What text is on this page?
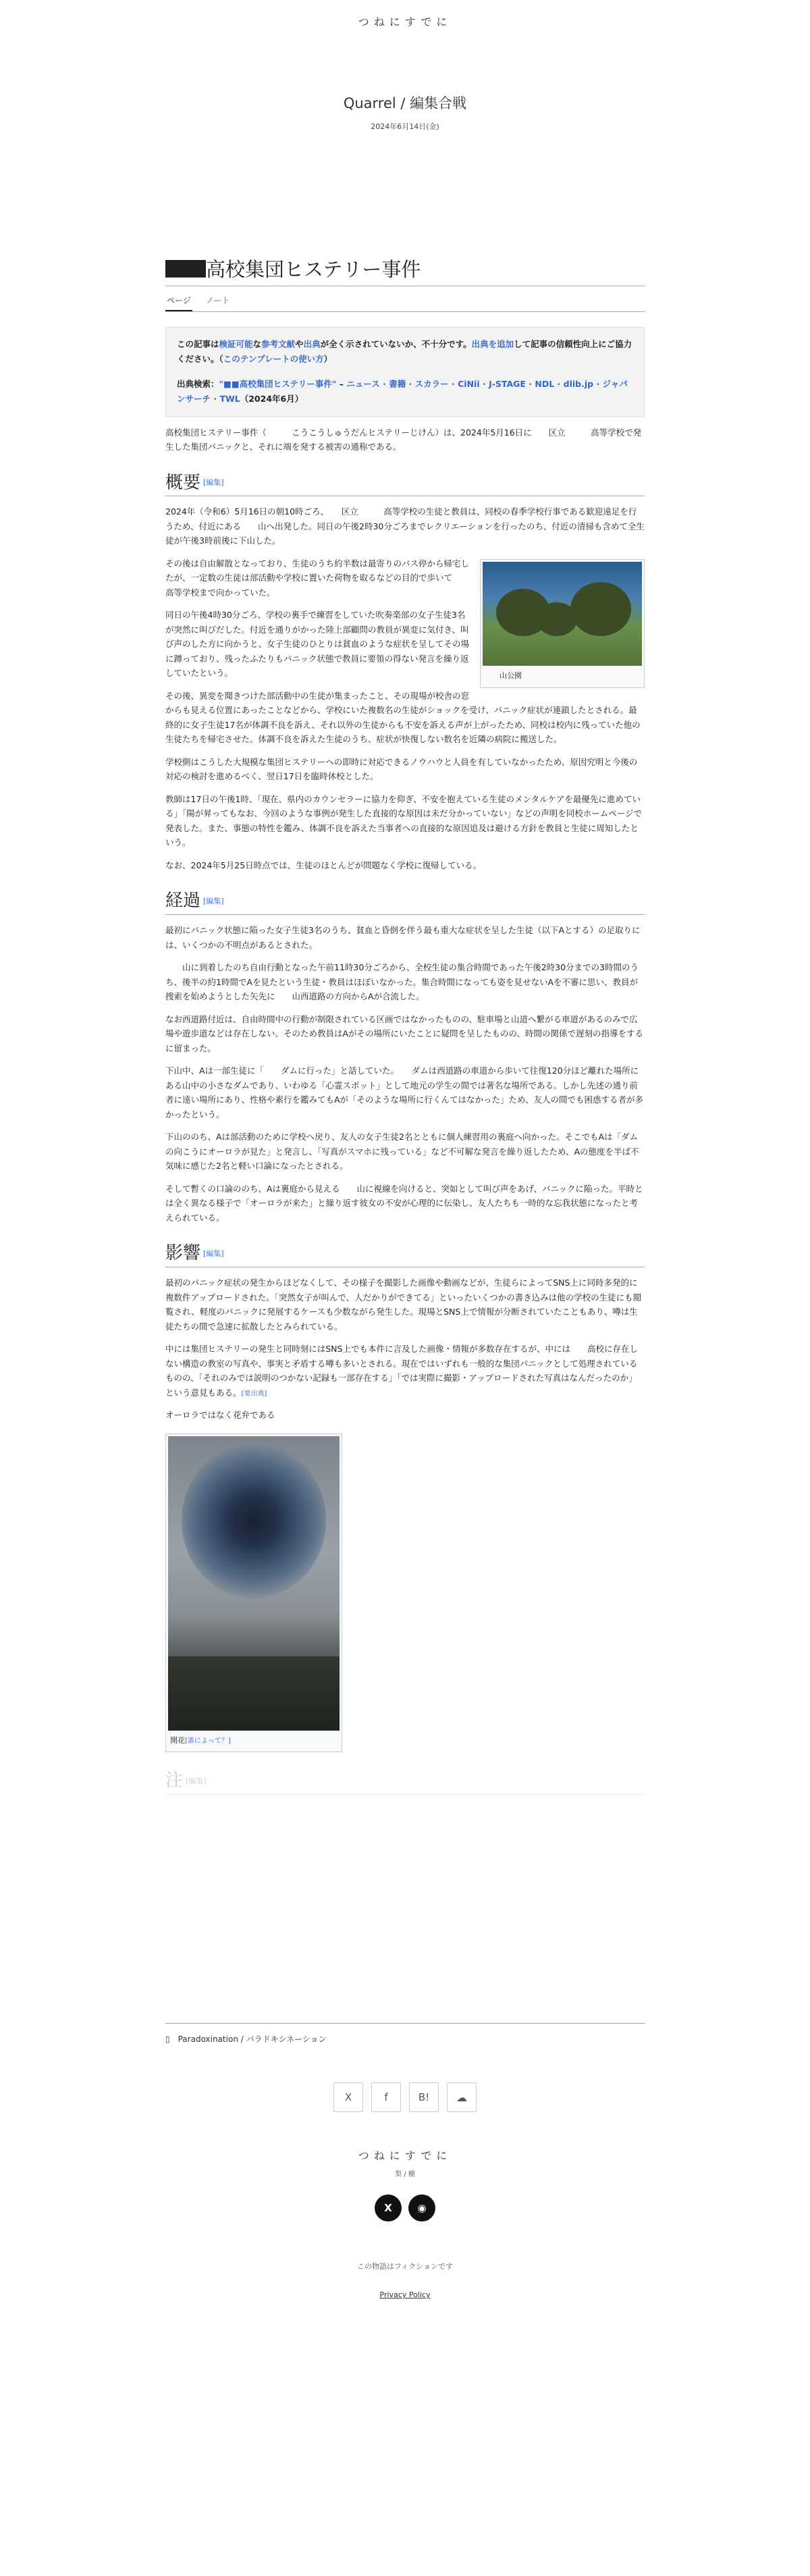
つねにすでに
Quarrel / 編集合戦
2024年6月14日(金)
高校集団ヒステリー事件
ページ ノート

この記事は検証可能な参考文献や出典が全く示されていないか、不十分です。出典を追加して記事の信頼性向上にご協力ください。（このテンプレートの使い方）

出典検索："■■高校集団ヒステリー事件" – ニュース · 書籍 · スカラー · CiNii · J-STAGE · NDL · dlib.jp · ジャパンサーチ · TWL（2024年6月）

高校集団ヒステリー事件（　　　こうこうしゅうだんヒステリーじけん）は、2024年5月16日に　　区立　　　高等学校で発生した集団パニックと、それに端を発する被害の通称である。

概要 [編集]

2024年（令和6）5月16日の朝10時ごろ、　　区立　　　高等学校の生徒と教員は、同校の春季学校行事である歓迎遠足を行うため、付近にある　　山へ出発した。同日の午後2時30分ごろまでレクリエーションを行ったのち、付近の清掃も含めて全生徒が午後3時前後に下山した。

　　山公園

その後は自由解散となっており、生徒のうち約半数は最寄りのバス停から帰宅したが、一定数の生徒は部活動や学校に置いた荷物を取るなどの目的で歩いて　　　高等学校まで向かっていた。

同日の午後4時30分ごろ、学校の裏手で練習をしていた吹奏楽部の女子生徒3名が突然に叫びだした。付近を通りがかった陸上部顧問の教員が異変に気付き、叫び声のした方に向かうと、女子生徒のひとりは貧血のような症状を呈してその場に蹲っており、残ったふたりもパニック状態で教員に要領の得ない発言を繰り返していたという。

その後、異変を聞きつけた部活動中の生徒が集まったこと、その現場が校舎の窓からも見える位置にあったことなどから、学校にいた複数名の生徒がショックを受け、パニック症状が連鎖したとされる。最終的に女子生徒17名が体調不良を訴え、それ以外の生徒からも不安を訴える声が上がったため、同校は校内に残っていた他の生徒たちを帰宅させた。体調不良を訴えた生徒のうち、症状が快復しない数名を近隣の病院に搬送した。

学校側はこうした大規模な集団ヒステリーへの即時に対応できるノウハウと人員を有していなかったため、原因究明と今後の対応の検討を進めるべく、翌日17日を臨時休校とした。

教師は17日の午後1時、「現在、県内のカウンセラーに協力を仰ぎ、不安を抱えている生徒のメンタルケアを最優先に進めている」「陽が昇ってもなお、今回のような事例が発生した直接的な原因は未だ分かっていない」などの声明を同校ホームページで発表した。また、事態の特性を鑑み、体調不良を訴えた当事者への直接的な原因追及は避ける方針を教員と生徒に周知したという。

なお、2024年5月25日時点では、生徒のほとんどが問題なく学校に復帰している。

経過 [編集]

最初にパニック状態に陥った女子生徒3名のうち、貧血と昏倒を伴う最も重大な症状を呈した生徒（以下Aとする）の足取りには、いくつかの不明点があるとされた。

　　山に到着したのち自由行動となった午前11時30分ごろから、全校生徒の集合時間であった午後2時30分までの3時間のうち、後半の約1時間でAを見たという生徒・教員はほぼいなかった。集合時間になっても姿を見せないAを不審に思い、教員が捜索を始めようとした矢先に　　山西道路の方向からAが合流した。

なお西道路付近は、自由時間中の行動が制限されている区画ではなかったものの、駐車場と山道へ繋がる車道があるのみで広場や遊歩道などは存在しない。そのため教員はAがその場所にいたことに疑問を呈したものの、時間の関係で遅刻の指導をするに留まった。

下山中、Aは一部生徒に「　　ダムに行った」と話していた。　　ダムは西道路の車道から歩いて往復120分ほど離れた場所にある山中の小さなダムであり、いわゆる「心霊スポット」として地元の学生の間では著名な場所である。しかし先述の通り前者に遠い場所にあり、性格や素行を鑑みてもAが「そのような場所に行くんてはなかった」ため、友人の間でも困惑する者が多かったという。

下山ののち、Aは部活動のために学校へ戻り、友人の女子生徒2名とともに個人練習用の裏庭へ向かった。そこでもAは「ダムの向こうにオーロラが見た」と発言し、「写真がスマホに残っている」など不可解な発言を繰り返したため、Aの態度を半ば不気味に感じた2名と軽い口論になったとされる。

そして暫くの口論ののち、Aは裏庭から見える　　山に視線を向けると、突如として叫び声をあげ、パニックに陥った。平時とは全く異なる様子で「オーロラが来た」と繰り返す彼女の不安が心理的に伝染し、友人たちも一時的な忘我状態になったと考えられている。

影響 [編集]

最初のパニック症状の発生からほどなくして、その様子を撮影した画像や動画などが、生徒らによってSNS上に同時多発的に複数件アップロードされた。「突然女子が叫んで、人だかりができてる」といったいくつかの書き込みは他の学校の生徒にも閲覧され、軽度のパニックに発展するケースも少数ながら発生した。現場とSNS上で情報が分断されていたこともあり、噂は生徒たちの間で急速に拡散したとみられている。

中には集団ヒステリーの発生と同時刻にはSNS上でも本件に言及した画像・情報が多数存在するが、中には　　高校に存在しない構造の教室の写真や、事実と矛盾する噂も多いとされる。現在ではいずれも一般的な集団パニックとして処理されているものの、「それのみでは説明のつかない記録も一部存在する」「では実際に撮影・アップロードされた写真はなんだったのか」という意見もある。[要出典]

オーロラではなく花弁である

開花[誰によって？]
注 [編集]
▯ Paradoxination / パラドキシネーション
X	f	B!	☁
つねにすでに
梨 / 棚
X	◉
この物語はフィクションです
Privacy Policy
